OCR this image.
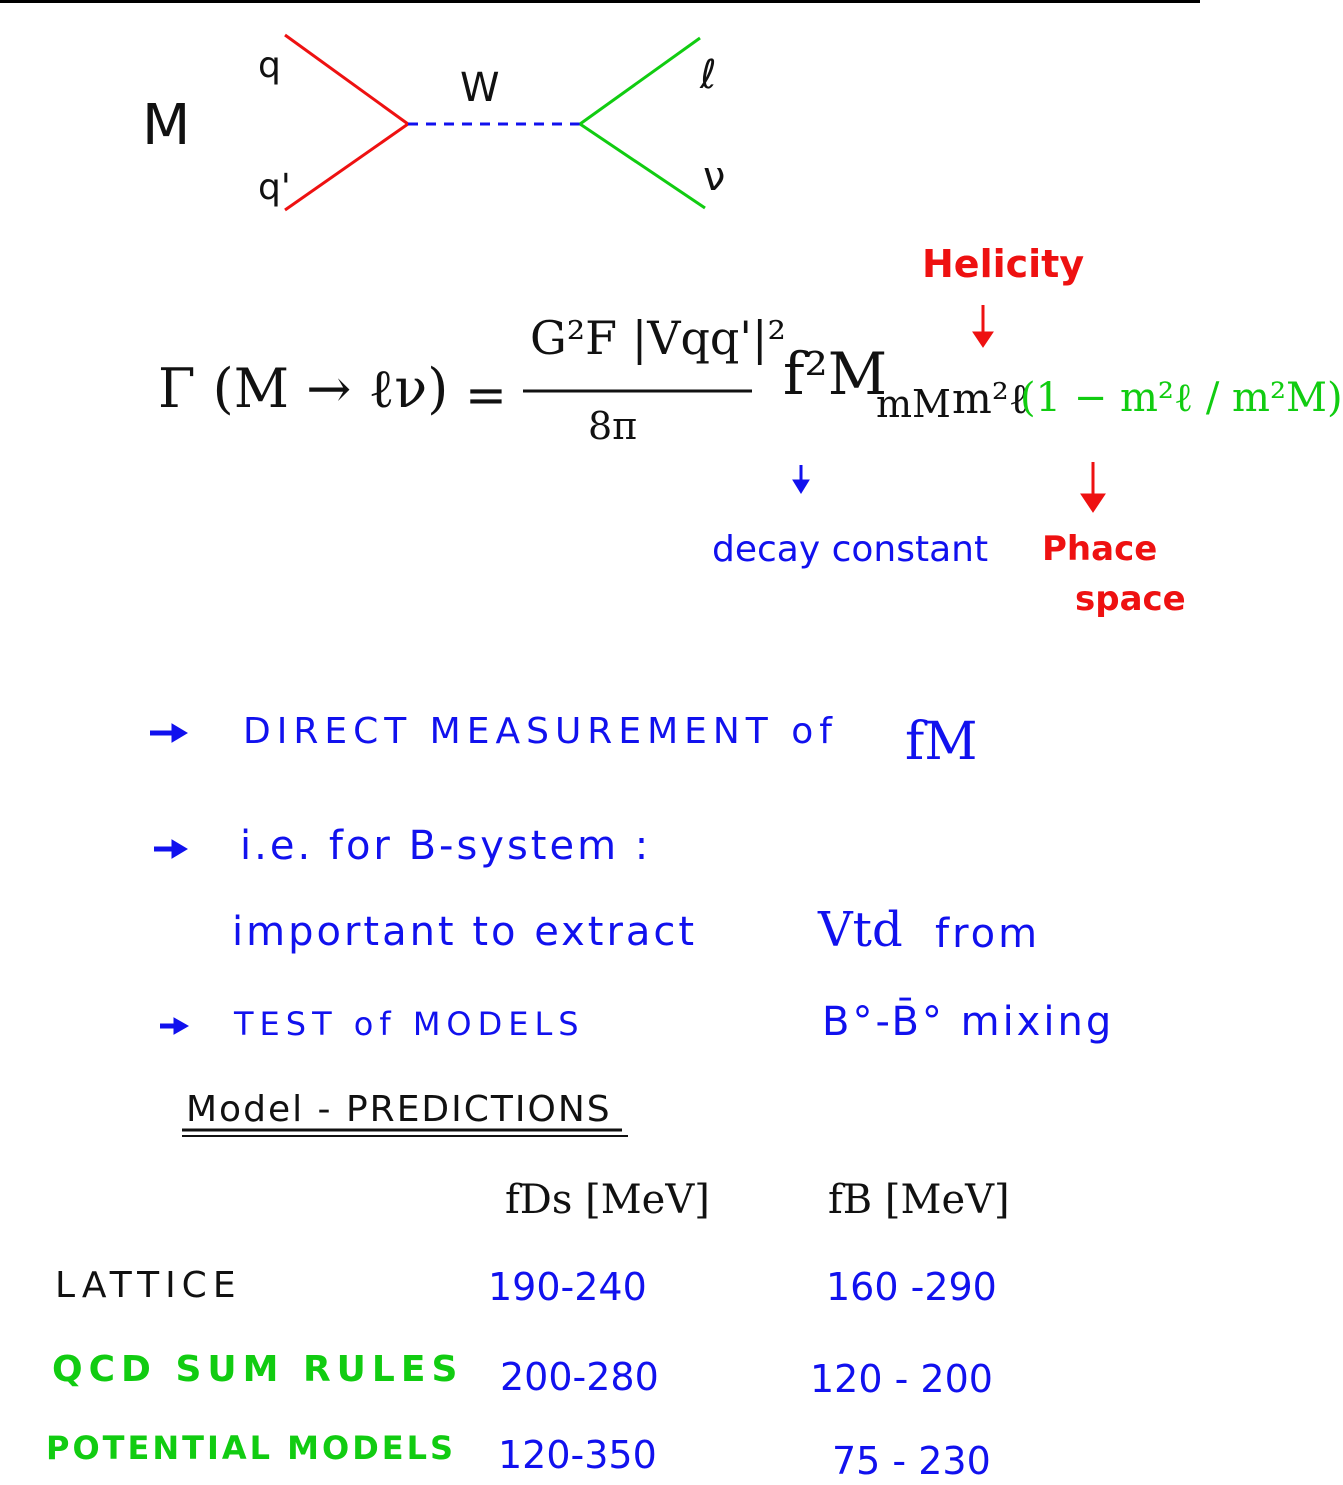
M
q
q'
W	ℓ
ν
Γ (M → ℓν) =
G²F |Vqq'|²
8π
f²M
mM m²ℓ
(1 − m²ℓ / m²M)
Helicity
decay constant Phace
space
DIRECT MEASUREMENT of fM
i.e. for B-system :
important to extract	Vtd from
TEST of MODELS	B°-B̄° mixing
Model - PREDICTIONS
fDs [MeV]	fB [MeV]
LATTICE	190-240	160 -290
QCD SUM RULES 200-280	120 - 200
POTENTIAL MODELS 120-350	75 - 230
